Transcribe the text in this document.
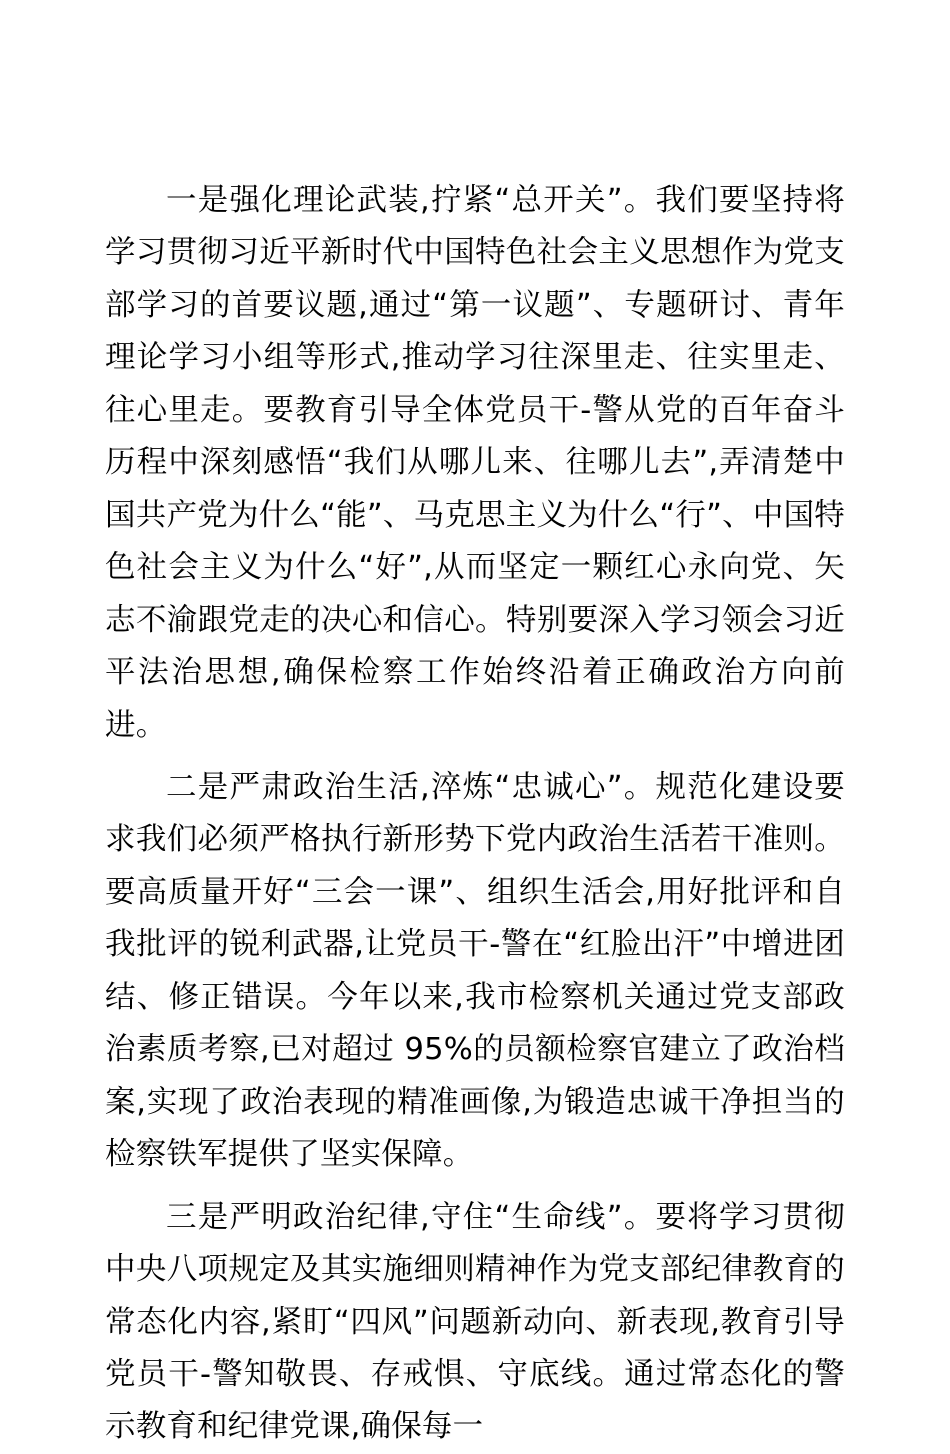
一是强化理论武装,拧紧“总开关”。我们要坚持将学习贯彻习近平新时代中国特色社会主义思想作为党支部学习的首要议题,通过“第一议题”、专题研讨、青年理论学习小组等形式,推动学习往深里走、往实里走、往心里走。要教育引导全体党员干-警从党的百年奋斗历程中深刻感悟“我们从哪儿来、往哪儿去”,弄清楚中国共产党为什么“能”、马克思主义为什么“行”、中国特色社会主义为什么“好”,从而坚定一颗红心永向党、矢志不渝跟党走的决心和信心。特别要深入学习领会习近平法治思想,确保检察工作始终沿着正确政治方向前进。

二是严肃政治生活,淬炼“忠诚心”。规范化建设要求我们必须严格执行新形势下党内政治生活若干准则。要高质量开好“三会一课”、组织生活会,用好批评和自我批评的锐利武器,让党员干-警在“红脸出汗”中增进团结、修正错误。今年以来,我市检察机关通过党支部政治素质考察,已对超过 95%的员额检察官建立了政治档案,实现了政治表现的精准画像,为锻造忠诚干净担当的检察铁军提供了坚实保障。

三是严明政治纪律,守住“生命线”。要将学习贯彻中央八项规定及其实施细则精神作为党支部纪律教育的常态化内容,紧盯“四风”问题新动向、新表现,教育引导党员干-警知敬畏、存戒惧、守底线。通过常态化的警示教育和纪律党课,确保每一
